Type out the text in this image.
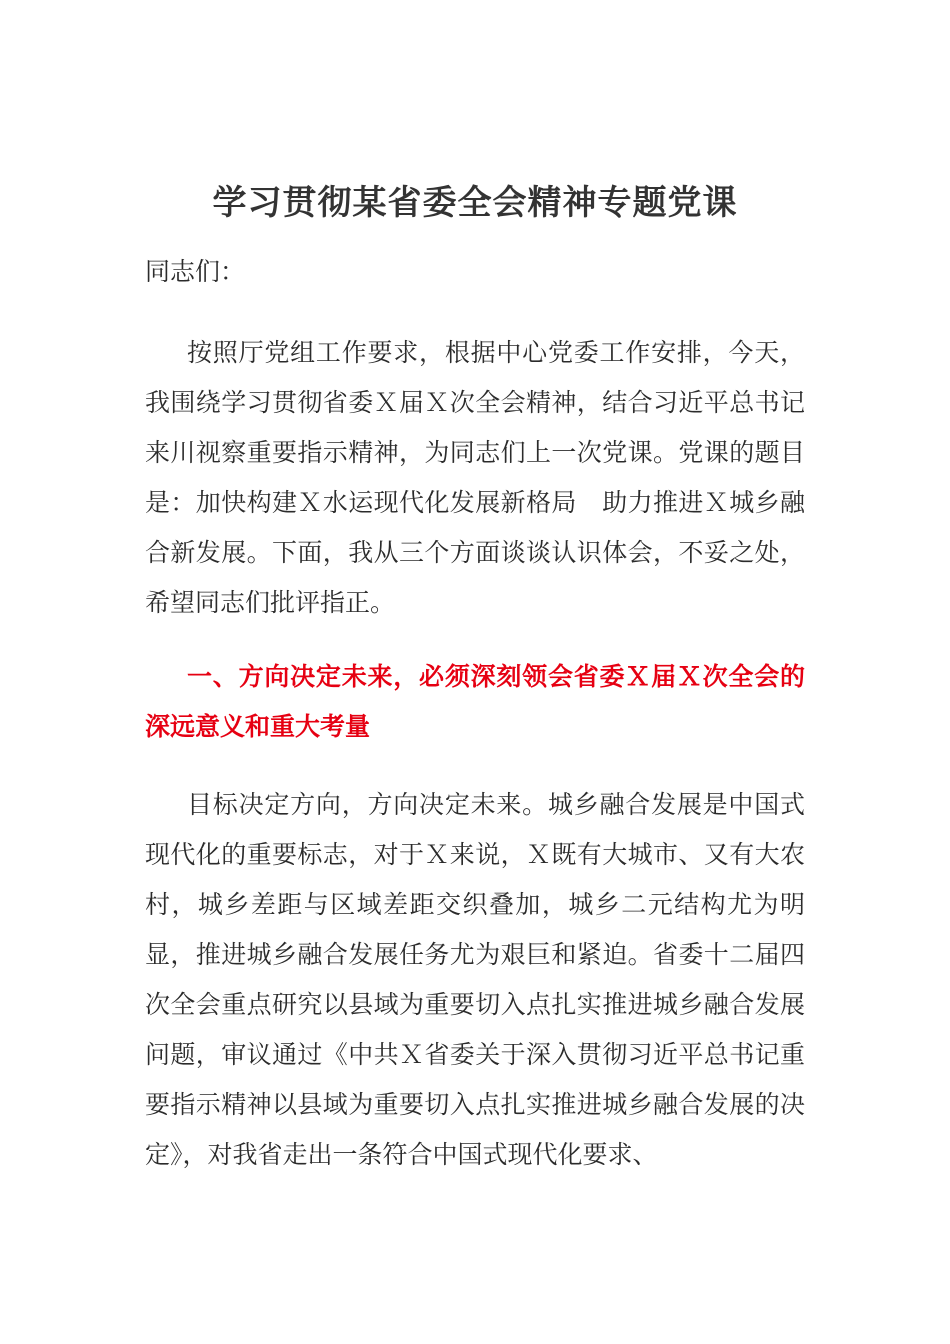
学习贯彻某省委全会精神专题党课
同志们：

按照厅党组工作要求，根据中心党委工作安排，今天，我围绕学习贯彻省委Ｘ届Ｘ次全会精神，结合习近平总书记来川视察重要指示精神，为同志们上一次党课。党课的题目是：加快构建Ｘ水运现代化发展新格局　助力推进Ｘ城乡融合新发展。下面，我从三个方面谈谈认识体会，不妥之处，希望同志们批评指正。

一、方向决定未来，必须深刻领会省委Ｘ届Ｘ次全会的深远意义和重大考量

目标决定方向，方向决定未来。城乡融合发展是中国式现代化的重要标志，对于Ｘ来说，Ｘ既有大城市、又有大农村，城乡差距与区域差距交织叠加，城乡二元结构尤为明显，推进城乡融合发展任务尤为艰巨和紧迫。省委十二届四次全会重点研究以县域为重要切入点扎实推进城乡融合发展问题，审议通过《中共Ｘ省委关于深入贯彻习近平总书记重要指示精神以县域为重要切入点扎实推进城乡融合发展的决定》，对我省走出一条符合中国式现代化要求、
